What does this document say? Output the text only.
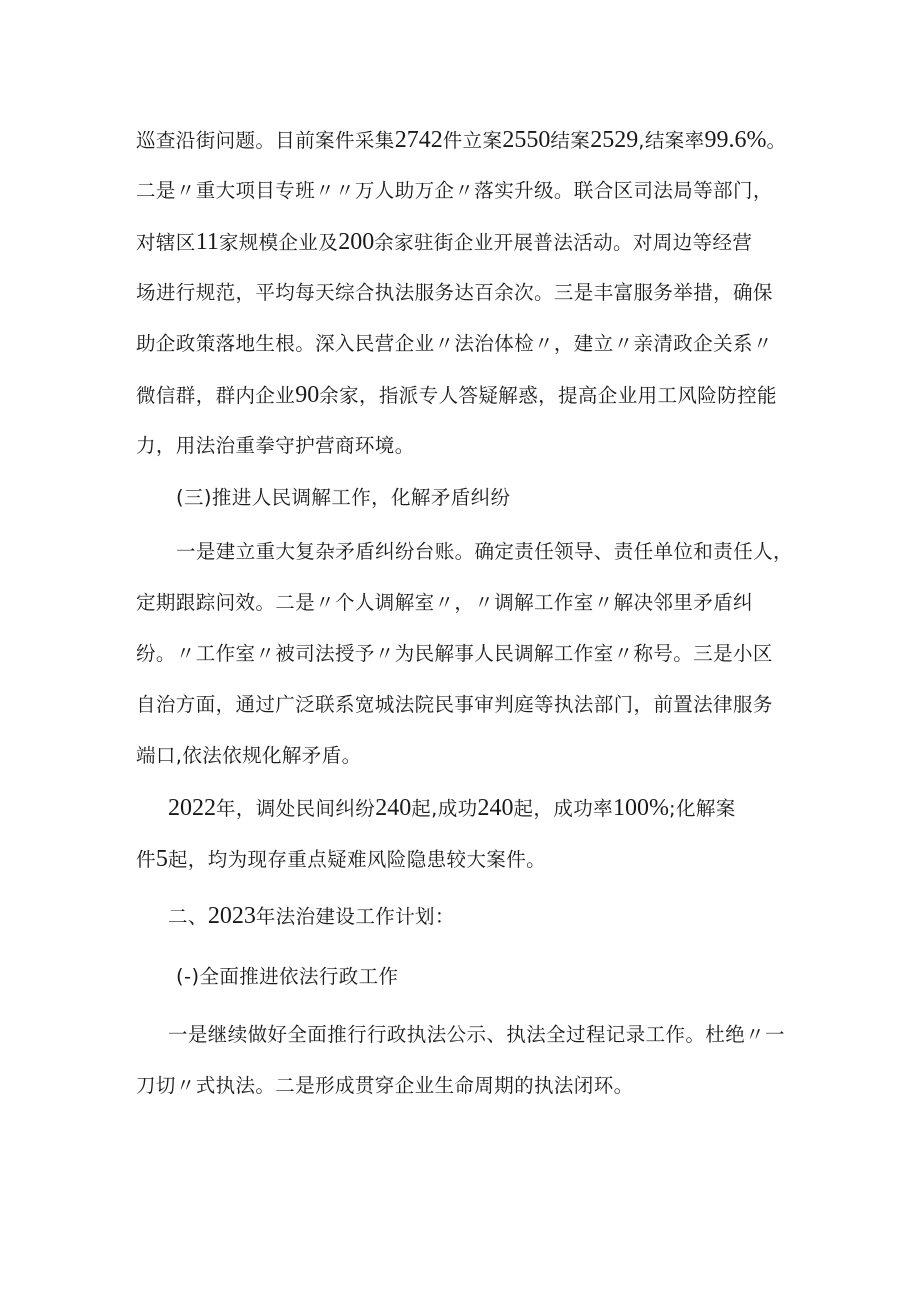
巡查沿街问题。目前案件采集2742件立案2550结案2529,结案率99.6%。
二是〃重大项目专班〃〃万人助万企〃落实升级。联合区司法局等部门，
对辖区11家规模企业及200余家驻街企业开展普法活动。对周边等经营
场进行规范，平均每天综合执法服务达百余次。三是丰富服务举措，确保
助企政策落地生根。深入民营企业〃法治体检〃，建立〃亲清政企关系〃
微信群，群内企业90余家，指派专人答疑解惑，提高企业用工风险防控能
力，用法治重拳守护营商环境。
(三)推进人民调解工作，化解矛盾纠纷
一是建立重大复杂矛盾纠纷台账。确定责任领导、责任单位和责任人，
定期跟踪问效。二是〃个人调解室〃，〃调解工作室〃解决邻里矛盾纠
纷。〃工作室〃被司法授予〃为民解事人民调解工作室〃称号。三是小区
自治方面，通过广泛联系宽城法院民事审判庭等执法部门，前置法律服务
端口,依法依规化解矛盾。
2022年，调处民间纠纷240起,成功240起，成功率100%;化解案
件5起，均为现存重点疑难风险隐患较大案件。
二、2023年法治建设工作计划：
(-)全面推进依法行政工作
一是继续做好全面推行行政执法公示、执法全过程记录工作。杜绝〃一
刀切〃式执法。二是形成贯穿企业生命周期的执法闭环。
